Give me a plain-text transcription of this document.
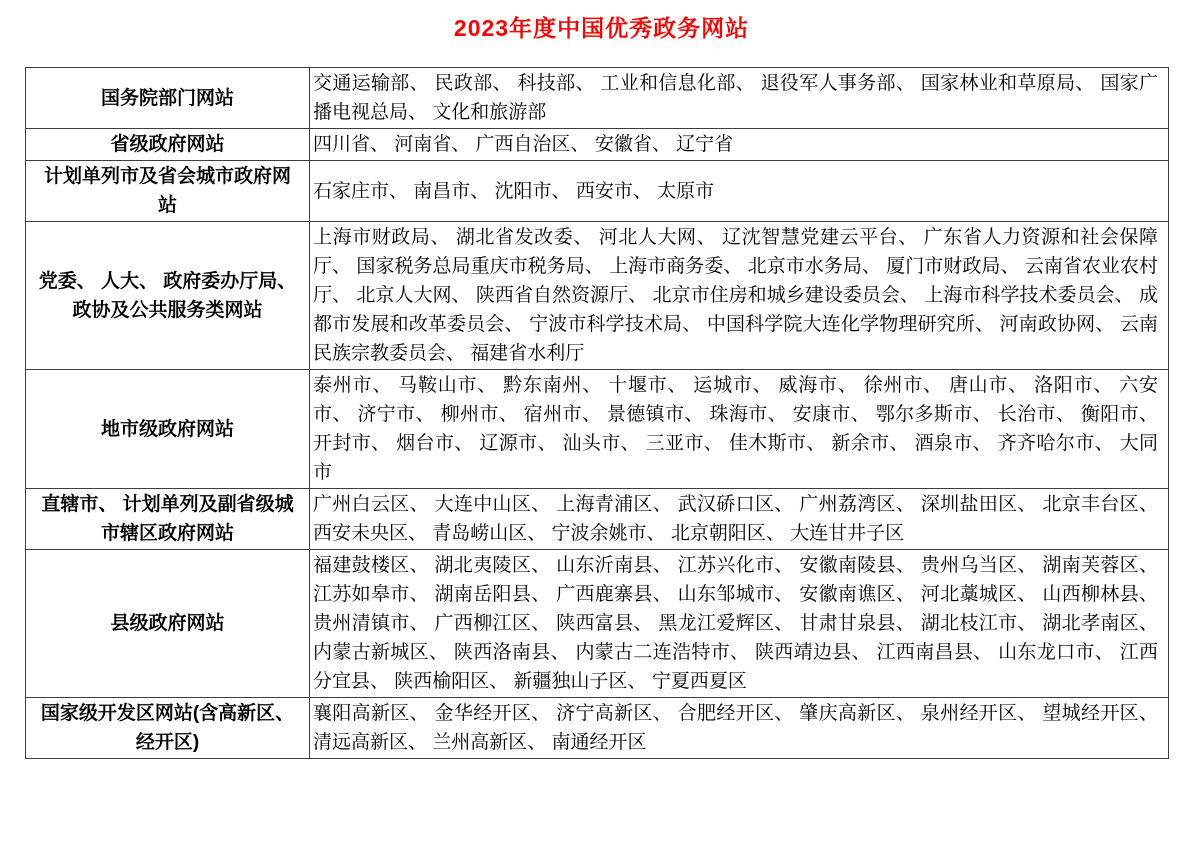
2023年度中国优秀政务网站
国务院部门网站	交通运输部、 民政部、 科技部、 工业和信息化部、 退役军人事务部、 国家林业和草原局、 国家广播电视总局、 文化和旅游部
省级政府网站	四川省、 河南省、 广西自治区、 安徽省、 辽宁省
计划单列市及省会城市政府网站	石家庄市、 南昌市、 沈阳市、 西安市、 太原市
党委、 人大、 政府委办厅局、 政协及公共服务类网站	上海市财政局、 湖北省发改委、 河北人大网、 辽沈智慧党建云平台、 广东省人力资源和社会保障厅、 国家税务总局重庆市税务局、 上海市商务委、 北京市水务局、 厦门市财政局、 云南省农业农村厅、 北京人大网、 陕西省自然资源厅、 北京市住房和城乡建设委员会、 上海市科学技术委员会、 成都市发展和改革委员会、 宁波市科学技术局、 中国科学院大连化学物理研究所、 河南政协网、 云南民族宗教委员会、 福建省水利厅
地市级政府网站	泰州市、 马鞍山市、 黔东南州、 十堰市、 运城市、 威海市、 徐州市、 唐山市、 洛阳市、 六安市、 济宁市、 柳州市、 宿州市、 景德镇市、 珠海市、 安康市、 鄂尔多斯市、 长治市、 衡阳市、 开封市、 烟台市、 辽源市、 汕头市、 三亚市、 佳木斯市、 新余市、 酒泉市、 齐齐哈尔市、 大同市
直辖市、 计划单列及副省级城市辖区政府网站	广州白云区、 大连中山区、 上海青浦区、 武汉硚口区、 广州荔湾区、 深圳盐田区、 北京丰台区、 西安未央区、 青岛崂山区、 宁波余姚市、 北京朝阳区、 大连甘井子区
县级政府网站	福建鼓楼区、 湖北夷陵区、 山东沂南县、 江苏兴化市、 安徽南陵县、 贵州乌当区、 湖南芙蓉区、 江苏如皋市、 湖南岳阳县、 广西鹿寨县、 山东邹城市、 安徽南谯区、 河北藁城区、 山西柳林县、 贵州清镇市、 广西柳江区、 陕西富县、 黑龙江爱辉区、 甘肃甘泉县、 湖北枝江市、 湖北孝南区、 内蒙古新城区、 陕西洛南县、 内蒙古二连浩特市、 陕西靖边县、 江西南昌县、 山东龙口市、 江西分宜县、 陕西榆阳区、 新疆独山子区、 宁夏西夏区
国家级开发区网站(含高新区、 经开区)	襄阳高新区、 金华经开区、 济宁高新区、 合肥经开区、 肇庆高新区、 泉州经开区、 望城经开区、 清远高新区、 兰州高新区、 南通经开区
